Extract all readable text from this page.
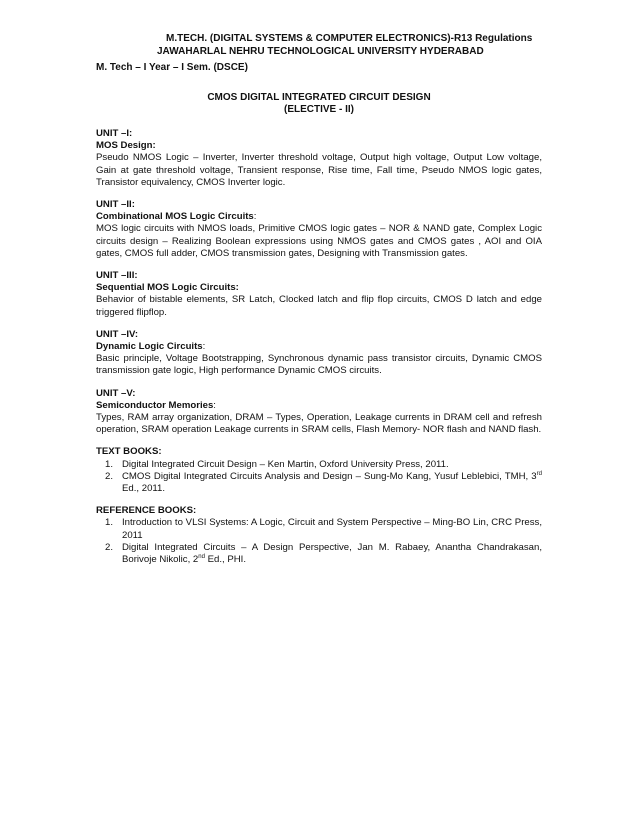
M.TECH. (DIGITAL SYSTEMS & COMPUTER ELECTRONICS)-R13 Regulations
JAWAHARLAL NEHRU TECHNOLOGICAL UNIVERSITY HYDERABAD
M. Tech – I Year – I Sem. (DSCE)
CMOS DIGITAL INTEGRATED CIRCUIT DESIGN
(ELECTIVE - II)
UNIT –I:
MOS Design:
Pseudo NMOS Logic – Inverter, Inverter threshold voltage, Output high voltage, Output Low voltage, Gain at gate threshold voltage, Transient response, Rise time, Fall time, Pseudo NMOS logic gates, Transistor equivalency, CMOS Inverter logic.
UNIT –II:
Combinational MOS Logic Circuits:
MOS logic circuits with NMOS loads, Primitive CMOS logic gates – NOR & NAND gate, Complex Logic circuits design – Realizing Boolean expressions using NMOS gates and CMOS gates , AOI and OIA gates, CMOS full adder, CMOS transmission gates, Designing with Transmission gates.
UNIT –III:
Sequential MOS Logic Circuits:
Behavior of bistable elements, SR Latch, Clocked latch and flip flop circuits, CMOS D latch and edge triggered flipflop.
UNIT –IV:
Dynamic Logic Circuits:
Basic principle, Voltage Bootstrapping, Synchronous dynamic pass transistor circuits, Dynamic CMOS transmission gate logic, High performance Dynamic CMOS circuits.
UNIT –V:
Semiconductor Memories:
Types, RAM array organization, DRAM – Types, Operation, Leakage currents in DRAM cell and refresh operation, SRAM operation Leakage currents in SRAM cells, Flash Memory- NOR flash and NAND flash.
TEXT BOOKS:
1. Digital Integrated Circuit Design – Ken Martin, Oxford University Press, 2011.
2. CMOS Digital Integrated Circuits Analysis and Design – Sung-Mo Kang, Yusuf Leblebici, TMH, 3rd Ed., 2011.
REFERENCE BOOKS:
1. Introduction to VLSI Systems: A Logic, Circuit and System Perspective – Ming-BO Lin, CRC Press, 2011
2. Digital Integrated Circuits – A Design Perspective, Jan M. Rabaey, Anantha Chandrakasan, Borivoje Nikolic, 2nd Ed., PHI.
